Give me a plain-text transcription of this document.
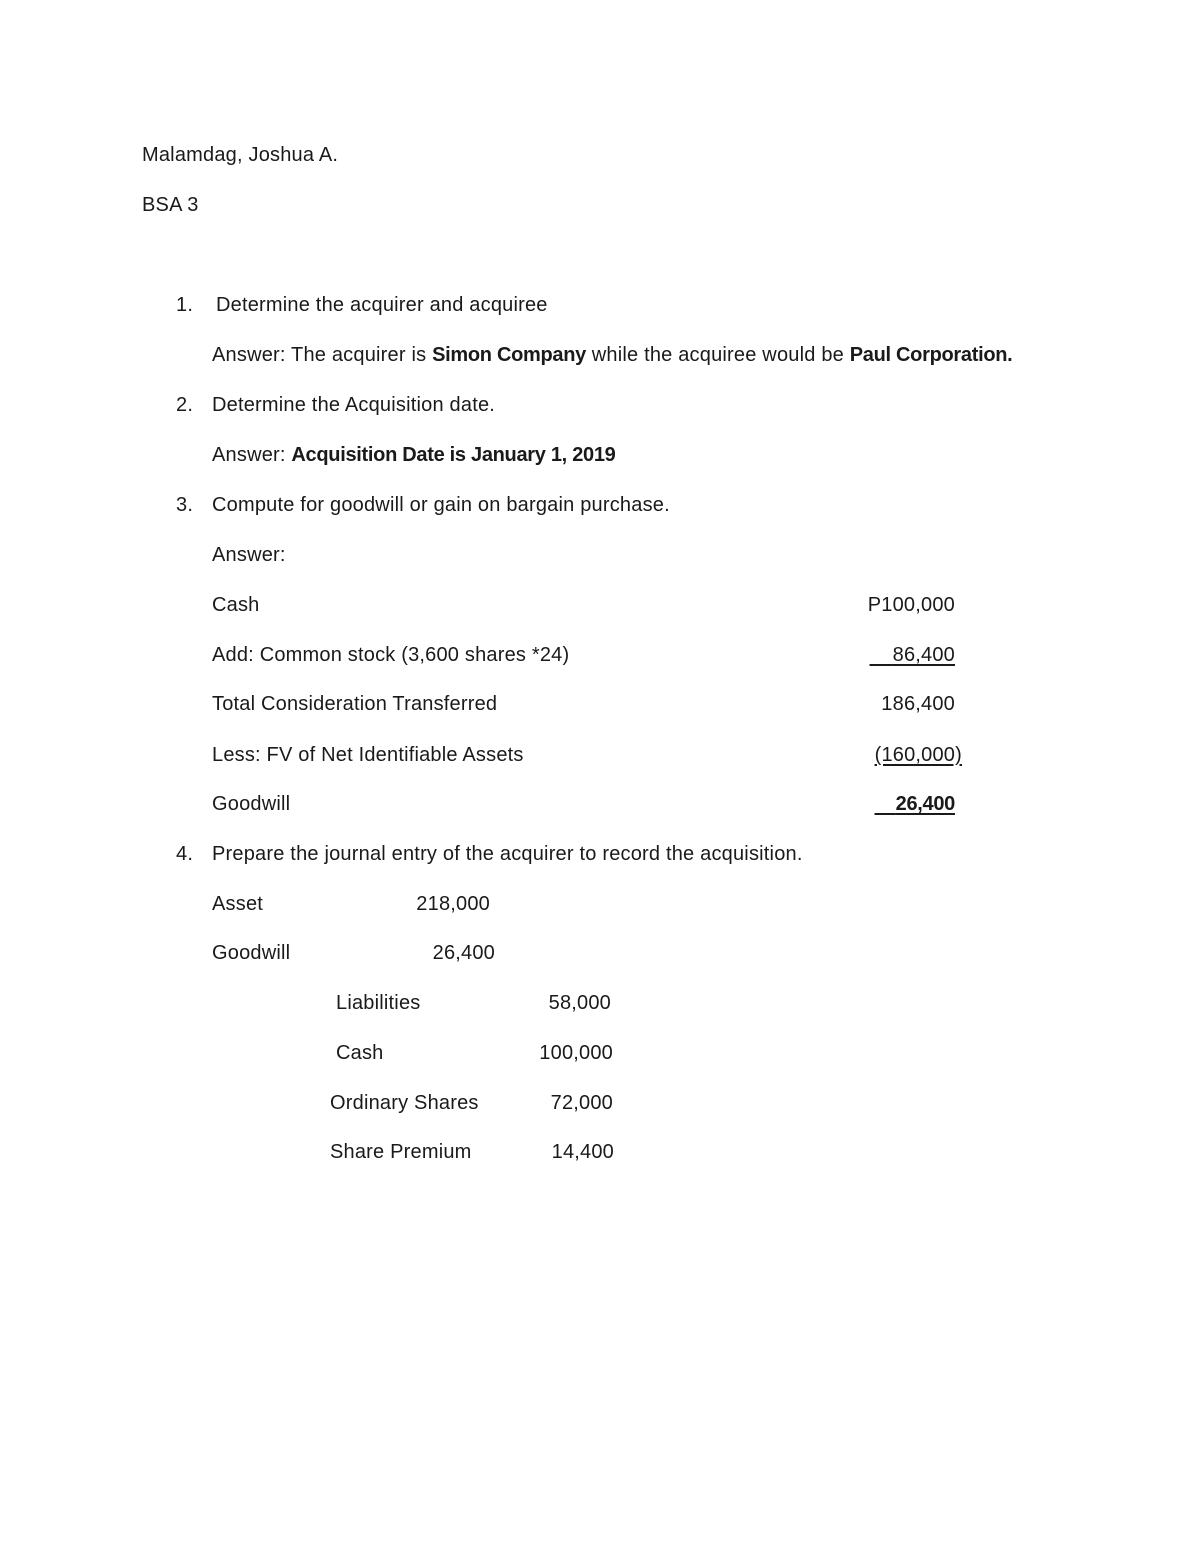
Malamdag, Joshua A.
BSA 3
1. Determine the acquirer and acquiree
Answer: The acquirer is Simon Company while the acquiree would be Paul Corporation.
2. Determine the Acquisition date.
Answer: Acquisition Date is January 1, 2019
3. Compute for goodwill or gain on bargain purchase.
Answer:
Cash	P100,000
Add: Common stock (3,600 shares *24)	86,400
Total Consideration Transferred	186,400
Less: FV of Net Identifiable Assets	(160,000)
Goodwill	26,400
4. Prepare the journal entry of the acquirer to record the acquisition.
Asset	218,000
Goodwill	26,400
Liabilities	58,000
Cash	100,000
Ordinary Shares	72,000
Share Premium	14,400
